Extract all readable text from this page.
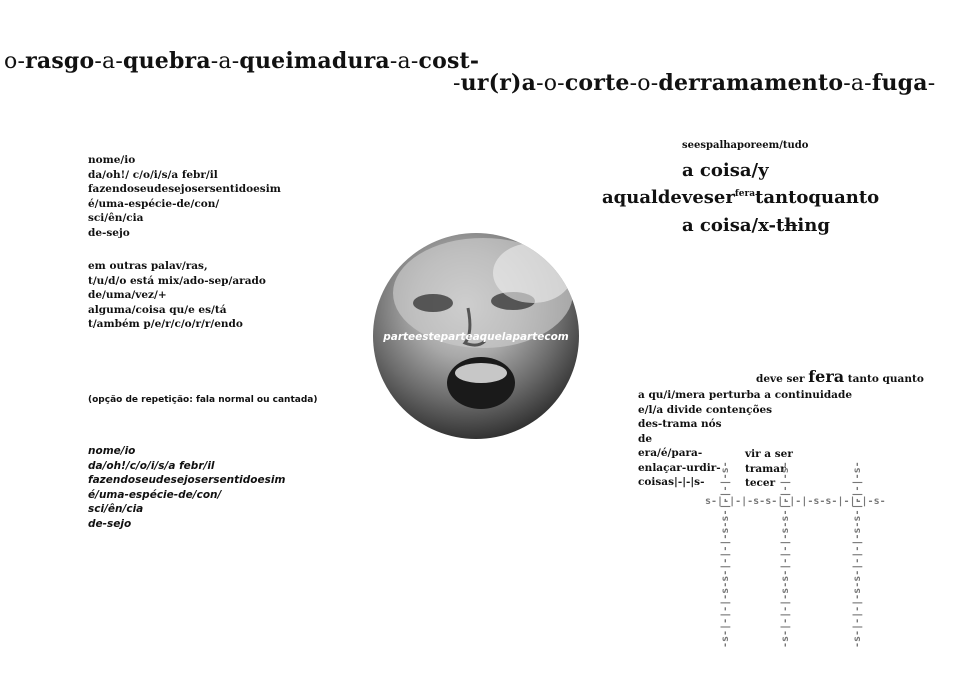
o-rasgo-a-quebra-a-queimadura-a-cost-
-ur(r)a-o-corte-o-derramamento-a-fuga-
nome/io
da/oh!/ c/o/i/s/a febr/il
fazendoseudesejosersentidoesim
é/uma-espécie-de/con/
sci/ên/cia
de-sejo
em outras palav/ras,
t/u/d/o está mix/ado-sep/arado
de/uma/vez/+
alguma/coisa qu/e es/tá
t/ambém p/e/r/c/o/r/r/endo
(opção de repetição: fala normal ou cantada)
nome/io
da/oh!/c/o/i/s/a febr/il
fazendoseudesejosersentidoesim
é/uma-espécie-de/con/
sci/ên/cia
de-sejo
parteesteparteaquelapartecom
seespalhaporeem/tudo
a coisa/y
aqualdeveser$^{fera}$tantoquanto
a coisa/x-thing
deve ser fera tanto quanto
a qu/i/mera perturba a continuidade
e/l/a divide contenções
des-trama nós
de
era/é/para-
enlaçar-urdir-
coisas|-|-|s-
vir a ser
tramar
tecer
s-|-|-|-s-s-|-|-|-s-s-|-|-|-s-
-s-|-|-|-s-s-|-|-|-s-s-|-|-|-s-	-s-|-|-|-s-s-|-|-|-s-s-|-|-|-s-	-s-|-|-|-s-s-|-|-|-s-s-|-|-|-s-
